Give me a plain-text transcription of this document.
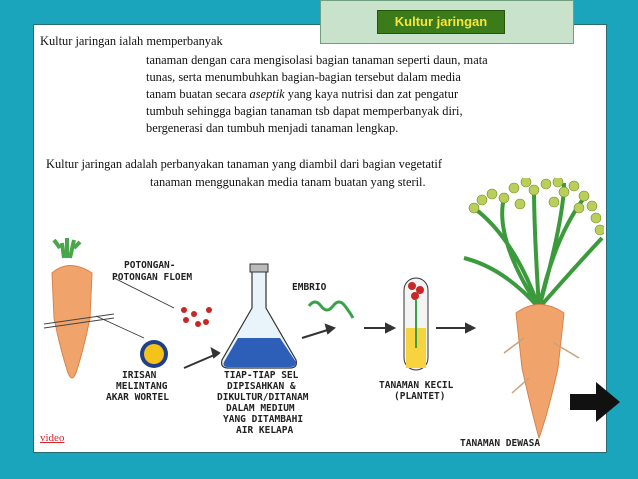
Kultur jaringan

Kultur jaringan ialah memperbanyak

tanaman dengan cara mengisolasi bagian tanaman seperti daun, mata
tunas, serta menumbuhkan bagian-bagian tersebut dalam media
tanam buatan secara aseptik yang kaya nutrisi dan zat pengatur
tumbuh sehingga bagian tanaman tsb dapat memperbanyak diri,
bergenerasi dan tumbuh menjadi tanaman lengkap.

Kultur jaringan adalah perbanyakan tanaman yang diambil dari bagian vegetatif

tanaman menggunakan media tanam buatan yang steril.

POTONGAN-
POTONGAN FLOEM
EMBRIO
IRISAN
MELINTANG
AKAR WORTEL
TIAP-TIAP SEL
DIPISAHKAN &
DIKULTUR/DITANAM
DALAM MEDIUM
YANG DITAMBAHI
AIR KELAPA
TANAMAN KECIL
(PLANTET)
TANAMAN DEWASA
video
